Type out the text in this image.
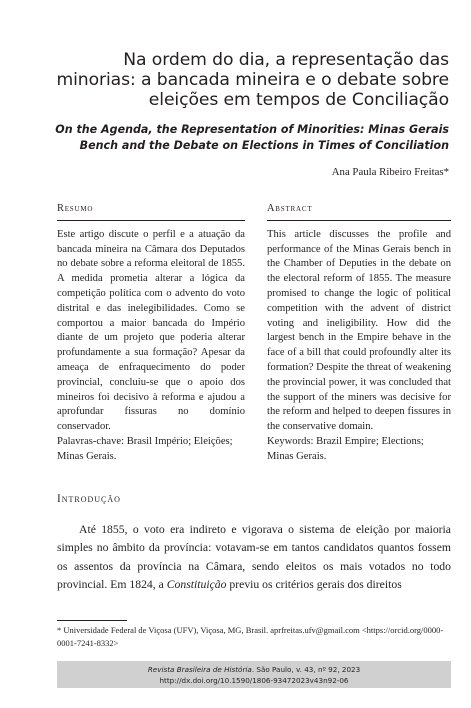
Na ordem do dia, a representação das
minorias: a bancada mineira e o debate sobre
eleições em tempos de Conciliação
On the Agenda, the Representation of Minorities: Minas Gerais
Bench and the Debate on Elections in Times of Conciliation
Ana Paula Ribeiro Freitas*
Resumo

Este artigo discute o perfil e a atuação da bancada mineira na Câmara dos Deputados no debate sobre a reforma eleitoral de 1855. A medida prometia alterar a lógica da competição política com o advento do voto distrital e das inelegibilidades. Como se comportou a maior bancada do Império diante de um projeto que poderia alterar profundamente a sua formação? Apesar da ameaça de enfraquecimento do poder provincial, concluiu-se que o apoio dos mineiros foi decisivo à reforma e ajudou a aprofundar fissuras no domínio conservador.

Palavras-chave: Brasil Império; Eleições; Minas Gerais.

Abstract

This article discusses the profile and performance of the Minas Gerais bench in the Chamber of Deputies in the debate on the electoral reform of 1855. The measure promised to change the logic of political competition with the advent of district voting and ineligibility. How did the largest bench in the Empire behave in the face of a bill that could profoundly alter its formation? Despite the threat of weakening the provincial power, it was concluded that the support of the miners was decisive for the reform and helped to deepen fissures in the conservative domain.

Keywords: Brazil Empire; Elections; Minas Gerais.

Introdução
Até 1855, o voto era indireto e vigorava o sistema de eleição por maioria simples no âmbito da província: votavam-se em tantos candidatos quantos fossem os assentos da província na Câmara, sendo eleitos os mais votados no todo provincial. Em 1824, a Constituição previu os critérios gerais dos direitos
* Universidade Federal de Viçosa (UFV), Viçosa, MG, Brasil. aprfreitas.ufv@gmail.com <https://orcid.org/0000-0001-7241-8332>
Revista Brasileira de História. São Paulo, v. 43, nº 92, 2023
http://dx.doi.org/10.1590/1806-93472023v43n92-06
